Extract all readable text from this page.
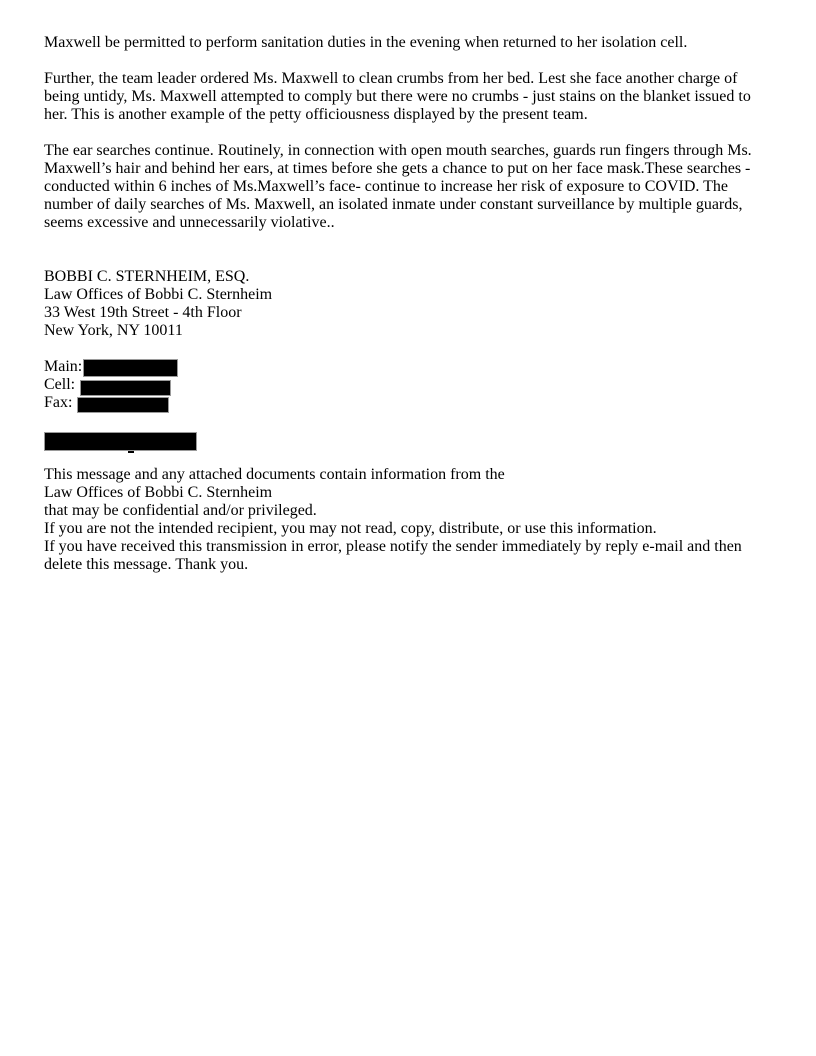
Maxwell be permitted to perform sanitation duties in the evening when returned to her isolation cell.
Further, the team leader ordered Ms. Maxwell to clean crumbs from her bed. Lest she face another charge of
being untidy, Ms. Maxwell attempted to comply but there were no crumbs - just stains on the blanket issued to
her. This is another example of the petty officiousness displayed by the present team.
The ear searches continue. Routinely, in connection with open mouth searches, guards run fingers through Ms.
Maxwell’s hair and behind her ears, at times before she gets a chance to put on her face mask.These searches -
conducted within 6 inches of Ms.Maxwell’s face- continue to increase her risk of exposure to COVID. The
number of daily searches of Ms. Maxwell, an isolated inmate under constant surveillance by multiple guards,
seems excessive and unnecessarily violative..
BOBBI C. STERNHEIM, ESQ.
Law Offices of Bobbi C. Sternheim
33 West 19th Street - 4th Floor
New York, NY 10011
Main:
Cell:
Fax:
This message and any attached documents contain information from the
Law Offices of Bobbi C. Sternheim
that may be confidential and/or privileged.
If you are not the intended recipient, you may not read, copy, distribute, or use this information.
If you have received this transmission in error, please notify the sender immediately by reply e-mail and then
delete this message. Thank you.
